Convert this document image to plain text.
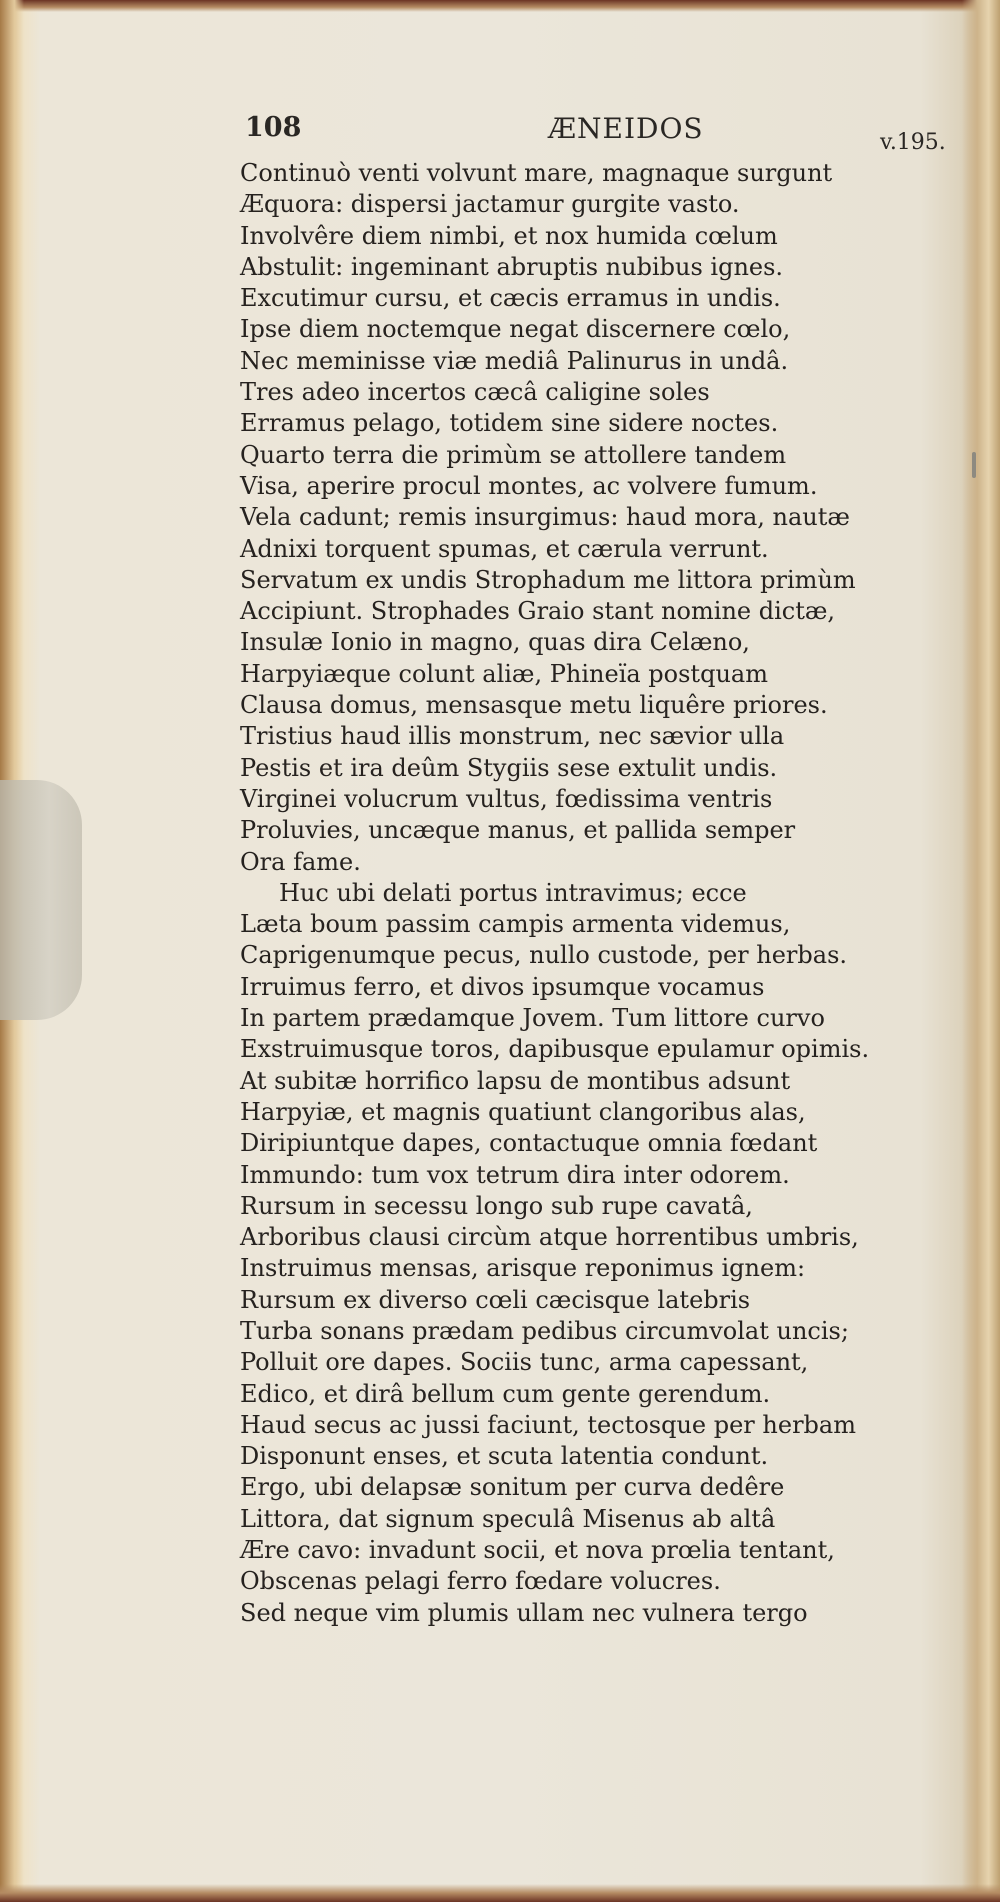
108	ÆNEIDOS	v.195.
Continuò venti volvunt mare, magnaque surgunt
Æquora: dispersi jactamur gurgite vasto.
Involvêre diem nimbi, et nox humida cœlum
Abstulit: ingeminant abruptis nubibus ignes.
Excutimur cursu, et cæcis erramus in undis.
Ipse diem noctemque negat discernere cœlo,
Nec meminisse viæ mediâ Palinurus in undâ.
Tres adeo incertos cæcâ caligine soles
Erramus pelago, totidem sine sidere noctes.
Quarto terra die primùm se attollere tandem
Visa, aperire procul montes, ac volvere fumum.
Vela cadunt; remis insurgimus: haud mora, nautæ
Adnixi torquent spumas, et cærula verrunt.
Servatum ex undis Strophadum me littora primùm
Accipiunt. Strophades Graio stant nomine dictæ,
Insulæ Ionio in magno, quas dira Celæno,
Harpyiæque colunt aliæ, Phineïa postquam
Clausa domus, mensasque metu liquêre priores.
Tristius haud illis monstrum, nec sævior ulla
Pestis et ira deûm Stygiis sese extulit undis.
Virginei volucrum vultus, fœdissima ventris
Proluvies, uncæque manus, et pallida semper
Ora fame.
Huc ubi delati portus intravimus; ecce
Læta boum passim campis armenta videmus,
Caprigenumque pecus, nullo custode, per herbas.
Irruimus ferro, et divos ipsumque vocamus
In partem prædamque Jovem. Tum littore curvo
Exstruimusque toros, dapibusque epulamur opimis.
At subitæ horrifico lapsu de montibus adsunt
Harpyiæ, et magnis quatiunt clangoribus alas,
Diripiuntque dapes, contactuque omnia fœdant
Immundo: tum vox tetrum dira inter odorem.
Rursum in secessu longo sub rupe cavatâ,
Arboribus clausi circùm atque horrentibus umbris,
Instruimus mensas, arisque reponimus ignem:
Rursum ex diverso cœli cæcisque latebris
Turba sonans prædam pedibus circumvolat uncis;
Polluit ore dapes. Sociis tunc, arma capessant,
Edico, et dirâ bellum cum gente gerendum.
Haud secus ac jussi faciunt, tectosque per herbam
Disponunt enses, et scuta latentia condunt.
Ergo, ubi delapsæ sonitum per curva dedêre
Littora, dat signum speculâ Misenus ab altâ
Ære cavo: invadunt socii, et nova prœlia tentant,
Obscenas pelagi ferro fœdare volucres.
Sed neque vim plumis ullam nec vulnera tergo
